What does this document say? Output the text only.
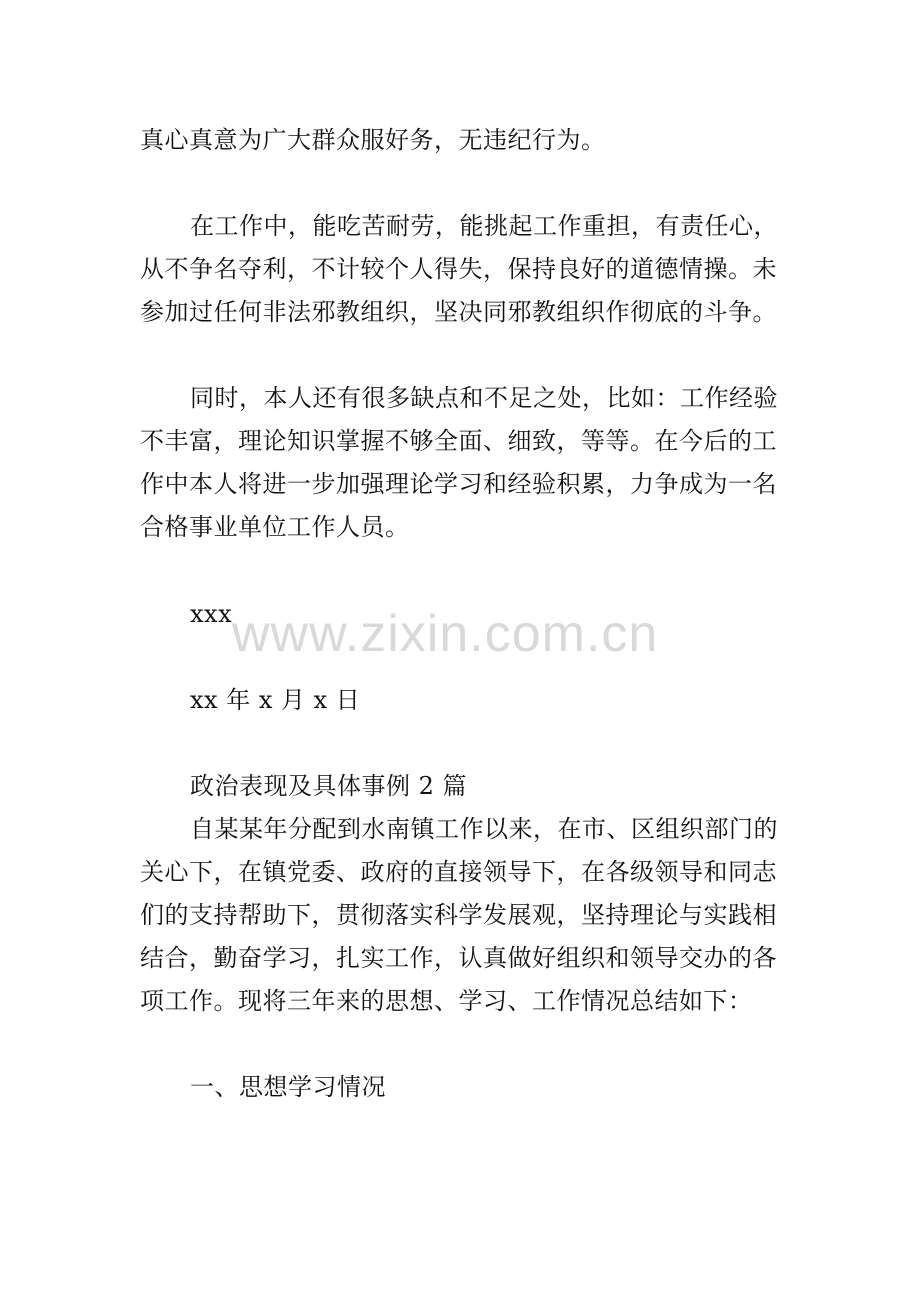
真心真意为广大群众服好务，无违纪行为。
在工作中，能吃苦耐劳，能挑起工作重担，有责任心，
从不争名夺利，不计较个人得失，保持良好的道德情操。未
参加过任何非法邪教组织，坚决同邪教组织作彻底的斗争。
同时，本人还有很多缺点和不足之处，比如：工作经验
不丰富，理论知识掌握不够全面、细致，等等。在今后的工
作中本人将进一步加强理论学习和经验积累，力争成为一名
合格事业单位工作人员。
xxx
xx 年 x 月 x 日
政治表现及具体事例 2 篇
自某某年分配到水南镇工作以来，在市、区组织部门的
关心下，在镇党委、政府的直接领导下，在各级领导和同志
们的支持帮助下，贯彻落实科学发展观，坚持理论与实践相
结合，勤奋学习，扎实工作，认真做好组织和领导交办的各
项工作。现将三年来的思想、学习、工作情况总结如下：
一、思想学习情况
www.zixin.com.cn
